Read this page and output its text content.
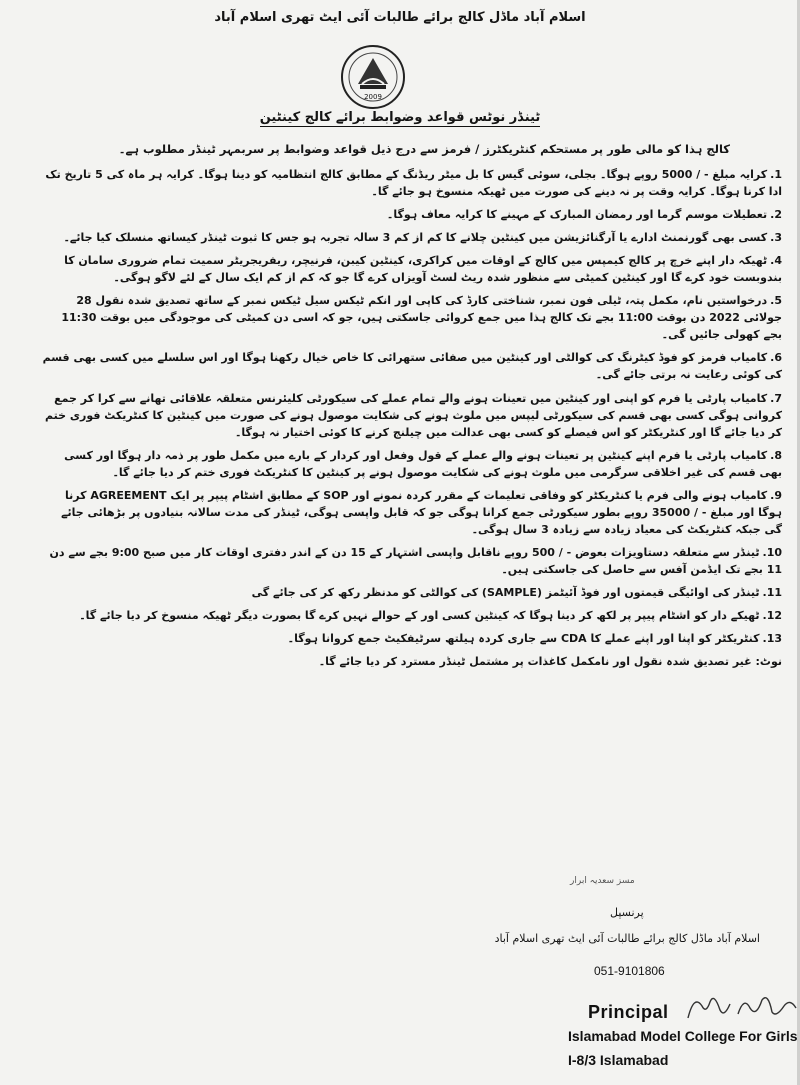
اسلام آباد ماڈل کالج برائے طالبات آئی ایٹ تھری اسلام آباد
2009
ٹینڈر نوٹس قواعد وضوابط برائے کالج کینٹین
کالج ہذا کو مالی طور پر مستحکم کنٹریکٹرز / فرمز سے درج ذیل قواعد وضوابط پر سربمہر ٹینڈر مطلوب ہے۔

1.کرایہ مبلغ - / 5000 روپے ہوگا۔ بجلی، سوئی گیس کا بل میٹر ریڈنگ کے مطابق کالج انتظامیہ کو دینا ہوگا۔ کرایہ ہر ماہ کی 5 تاریخ تک ادا کرنا ہوگا۔ کرایہ وقت پر نہ دینے کی صورت میں ٹھیکہ منسوخ ہو جائے گا۔

2.تعطیلات موسم گرما اور رمضان المبارک کے مہینے کا کرایہ معاف ہوگا۔

3.کسی بھی گورنمنٹ ادارے یا آرگنائزیشن میں کینٹین چلانے کا کم از کم 3 سالہ تجربہ ہو جس کا ثبوت ٹینڈر کیساتھ منسلک کیا جائے۔

4.ٹھیکہ دار اپنے خرچ پر کالج کیمپس میں کالج کے اوقات میں کراکری، کینٹین کیبن، فرنیچر، ریفریجریٹر سمیت تمام ضروری سامان کا بندوبست خود کرے گا اور کینٹین کمیٹی سے منظور شدہ ریٹ لسٹ آویزاں کرے گا جو کہ کم از کم ایک سال کے لئے لاگو ہوگی۔

5.درخواستیں نام، مکمل پتہ، ٹیلی فون نمبر، شناختی کارڈ کی کاپی اور انکم ٹیکس سیل ٹیکس نمبر کے ساتھ تصدیق شدہ نقول 28 جولائی 2022 دن بوقت 11:00 بجے تک کالج ہذا میں جمع کروائی جاسکتی ہیں، جو کہ اسی دن کمیٹی کی موجودگی میں بوقت 11:30 بجے کھولی جائیں گی۔

6.کامیاب فرمز کو فوڈ کیٹرنگ کی کوالٹی اور کینٹین میں صفائی ستھرائی کا خاص خیال رکھنا ہوگا اور اس سلسلے میں کسی بھی قسم کی کوئی رعایت نہ برتی جائے گی۔

7.کامیاب پارٹی یا فرم کو اپنی اور کینٹین میں تعینات ہونے والے تمام عملے کی سیکورٹی کلیئرنس متعلقہ علاقائی تھانے سے کرا کر جمع کروانی ہوگی کسی بھی قسم کی سیکورٹی لیپس میں ملوث ہونے کی شکایت موصول ہونے کی صورت میں کینٹین کا کنٹریکٹ فوری ختم کر دیا جائے گا اور کنٹریکٹر کو اس فیصلے کو کسی بھی عدالت میں چیلنج کرنے کا کوئی اختیار نہ ہوگا۔

8.کامیاب پارٹی یا فرم اپنے کینٹین پر تعینات ہونے والے عملے کے قول وفعل اور کردار کے بارے میں مکمل طور پر ذمہ دار ہوگا اور کسی بھی قسم کی غیر اخلاقی سرگرمی میں ملوث ہونے کی شکایت موصول ہونے پر کینٹین کا کنٹریکٹ فوری ختم کر دیا جائے گا۔

9.کامیاب ہونے والی فرم یا کنٹریکٹر کو وفاقی تعلیمات کے مقرر کردہ نمونے اور SOP کے مطابق اشٹام پیپر پر ایک AGREEMENT کرنا ہوگا اور مبلغ - / 35000 روپے بطور سیکورٹی جمع کرانا ہوگی جو کہ قابل واپسی ہوگی، ٹینڈر کی مدت سالانہ بنیادوں پر بڑھائی جائے گی جبکہ کنٹریکٹ کی معیاد زیادہ سے زیادہ 3 سال ہوگی۔

10.ٹینڈر سے متعلقہ دستاویزات بعوض - / 500 روپے ناقابل واپسی اشتہار کے 15 دن کے اندر دفتری اوقات کار میں صبح 9:00 بجے سے دن 11 بجے تک ایڈمن آفس سے حاصل کی جاسکتی ہیں۔

11.ٹینڈر کی اوائیگی قیمتوں اور فوڈ آئیٹمز (SAMPLE) کی کوالٹی کو مدنظر رکھ کر کی جائے گی

12.ٹھیکے دار کو اشٹام پیپر پر لکھ کر دینا ہوگا کہ کینٹین کسی اور کے حوالے نہیں کرے گا بصورت دیگر ٹھیکہ منسوخ کر دیا جائے گا۔

13.کنٹریکٹر کو اپنا اور اپنے عملے کا CDA سے جاری کردہ ہیلتھ سرٹیفکیٹ جمع کروانا ہوگا۔

نوٹ: غیر تصدیق شدہ نقول اور نامکمل کاغذات پر مشتمل ٹینڈر مسترد کر دیا جائے گا۔

مسز سعدیہ ابرار
پرنسپل
اسلام آباد ماڈل کالج برائے طالبات آئی ایٹ تھری اسلام آباد
051-9101806
Principal
Islamabad Model College For Girls
I-8/3 Islamabad
